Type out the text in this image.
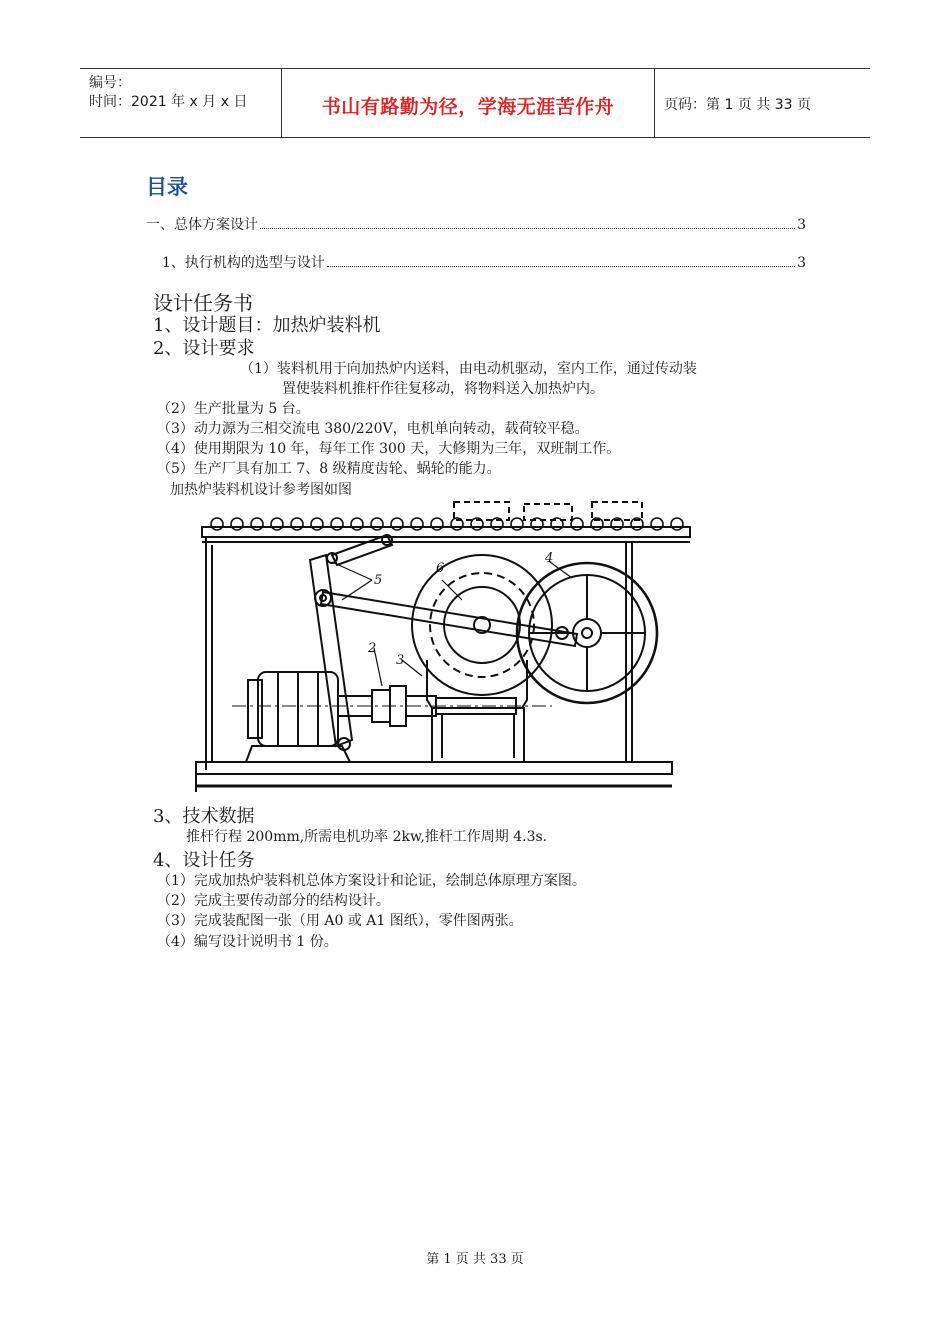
编号：
时间：2021 年 x 月 x 日	书山有路勤为径，学海无涯苦作舟	页码：第 1 页 共 33 页
目录
一、总体方案设计	3
1、执行机构的选型与设计	3
设计任务书
1、设计题目：加热炉装料机
2、设计要求
（1）装料机用于向加热炉内送料，由电动机驱动，室内工作，通过传动装
置使装料机推杆作往复移动，将物料送入加热炉内。
（2）生产批量为 5 台。
（3）动力源为三相交流电 380/220V，电机单向转动，载荷较平稳。
（4）使用期限为 10 年，每年工作 300 天，大修期为三年，双班制工作。
（5）生产厂具有加工 7、8 级精度齿轮、蜗轮的能力。
加热炉装料机设计参考图如图
5
6
4
2
3
3、技术数据
推杆行程 200mm,所需电机功率 2kw,推杆工作周期 4.3s.
4、设计任务
（1）完成加热炉装料机总体方案设计和论证，绘制总体原理方案图。
（2）完成主要传动部分的结构设计。
（3）完成装配图一张（用 A0 或 A1 图纸），零件图两张。
（4）编写设计说明书 1 份。
第 1 页 共 33 页
